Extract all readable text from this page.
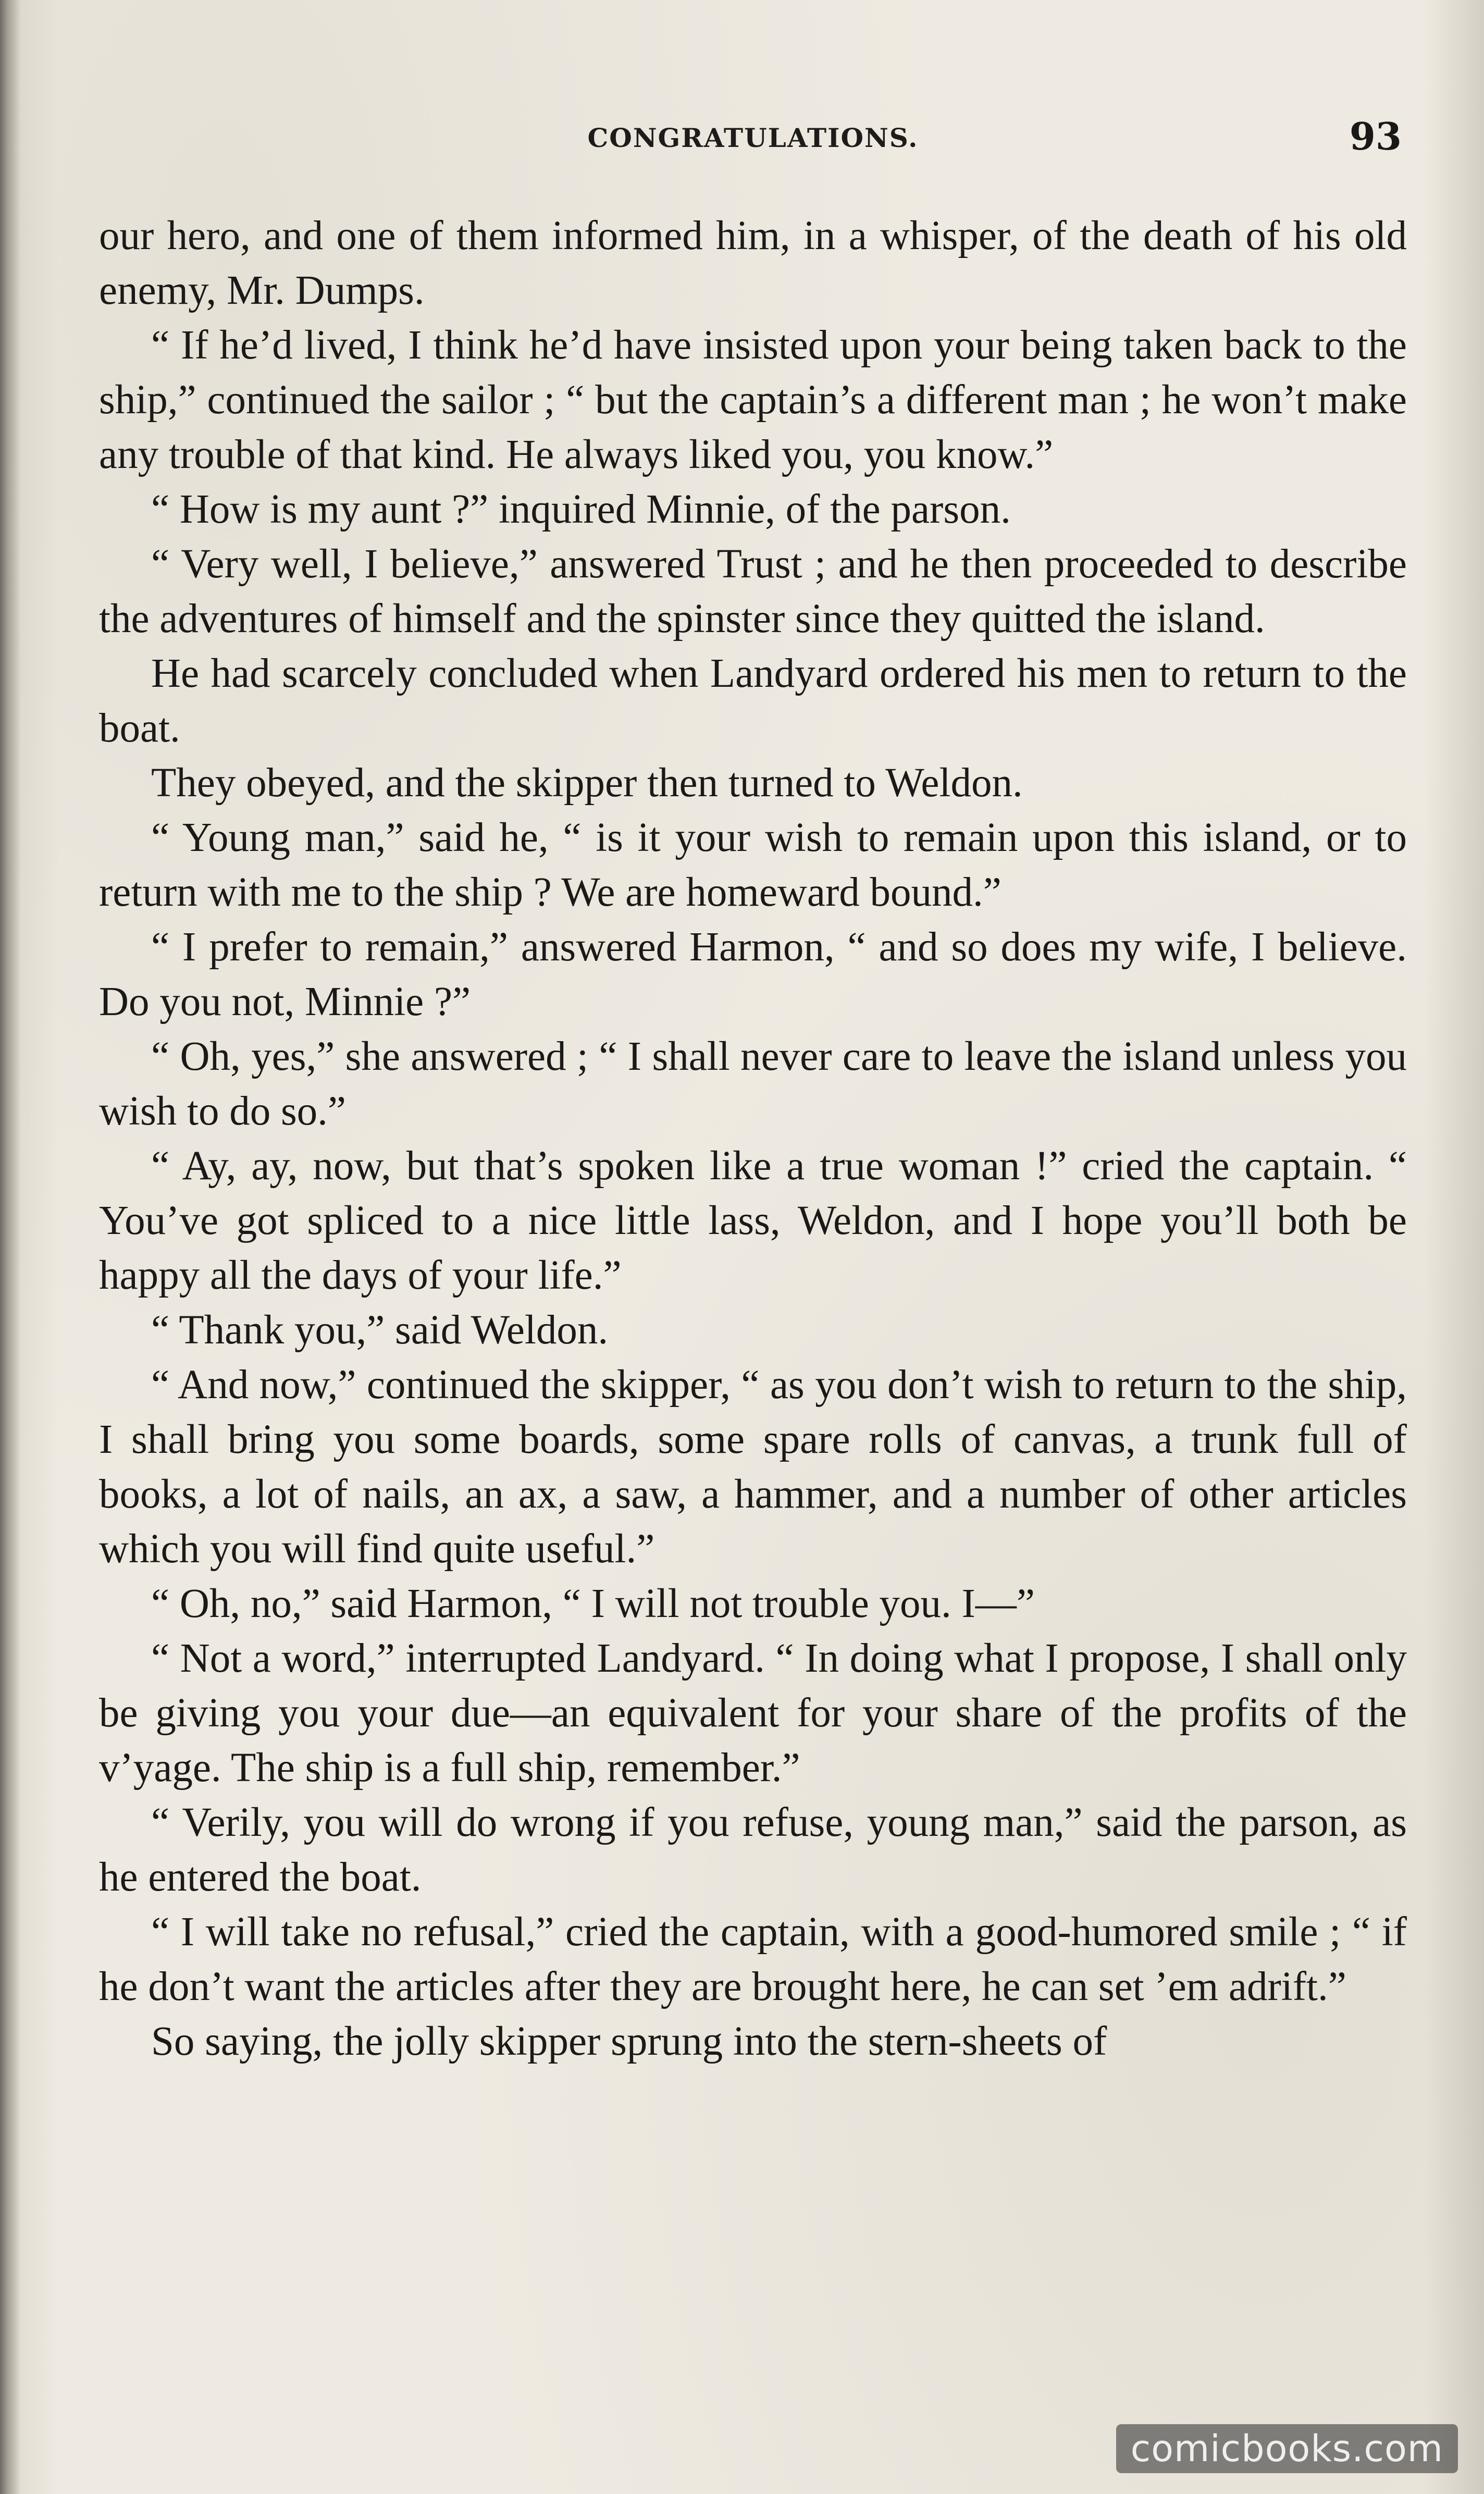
CONGRATULATIONS.	93

our hero, and one of them informed him, in a whisper, of the death of his old enemy, Mr. Dumps.

“ If he’d lived, I think he’d have insisted upon your being taken back to the ship,” continued the sailor ; “ but the captain’s a different man ; he won’t make any trouble of that kind. He always liked you, you know.”

“ How is my aunt ?” inquired Minnie, of the parson.

“ Very well, I believe,” answered Trust ; and he then proceeded to describe the adventures of himself and the spinster since they quitted the island.

He had scarcely concluded when Landyard ordered his men to return to the boat.

They obeyed, and the skipper then turned to Weldon.

“ Young man,” said he, “ is it your wish to remain upon this island, or to return with me to the ship ? We are homeward bound.”

“ I prefer to remain,” answered Harmon, “ and so does my wife, I believe. Do you not, Minnie ?”

“ Oh, yes,” she answered ; “ I shall never care to leave the island unless you wish to do so.”

“ Ay, ay, now, but that’s spoken like a true woman !” cried the captain. “ You’ve got spliced to a nice little lass, Weldon, and I hope you’ll both be happy all the days of your life.”

“ Thank you,” said Weldon.

“ And now,” continued the skipper, “ as you don’t wish to return to the ship, I shall bring you some boards, some spare rolls of canvas, a trunk full of books, a lot of nails, an ax, a saw, a hammer, and a number of other articles which you will find quite useful.”

“ Oh, no,” said Harmon, “ I will not trouble you. I—”

“ Not a word,” interrupted Landyard. “ In doing what I propose, I shall only be giving you your due—an equivalent for your share of the profits of the v’yage. The ship is a full ship, remember.”

“ Verily, you will do wrong if you refuse, young man,” said the parson, as he entered the boat.

“ I will take no refusal,” cried the captain, with a good-humored smile ; “ if he don’t want the articles after they are brought here, he can set ’em adrift.”

So saying, the jolly skipper sprung into the stern-sheets of

comicbooks.com
